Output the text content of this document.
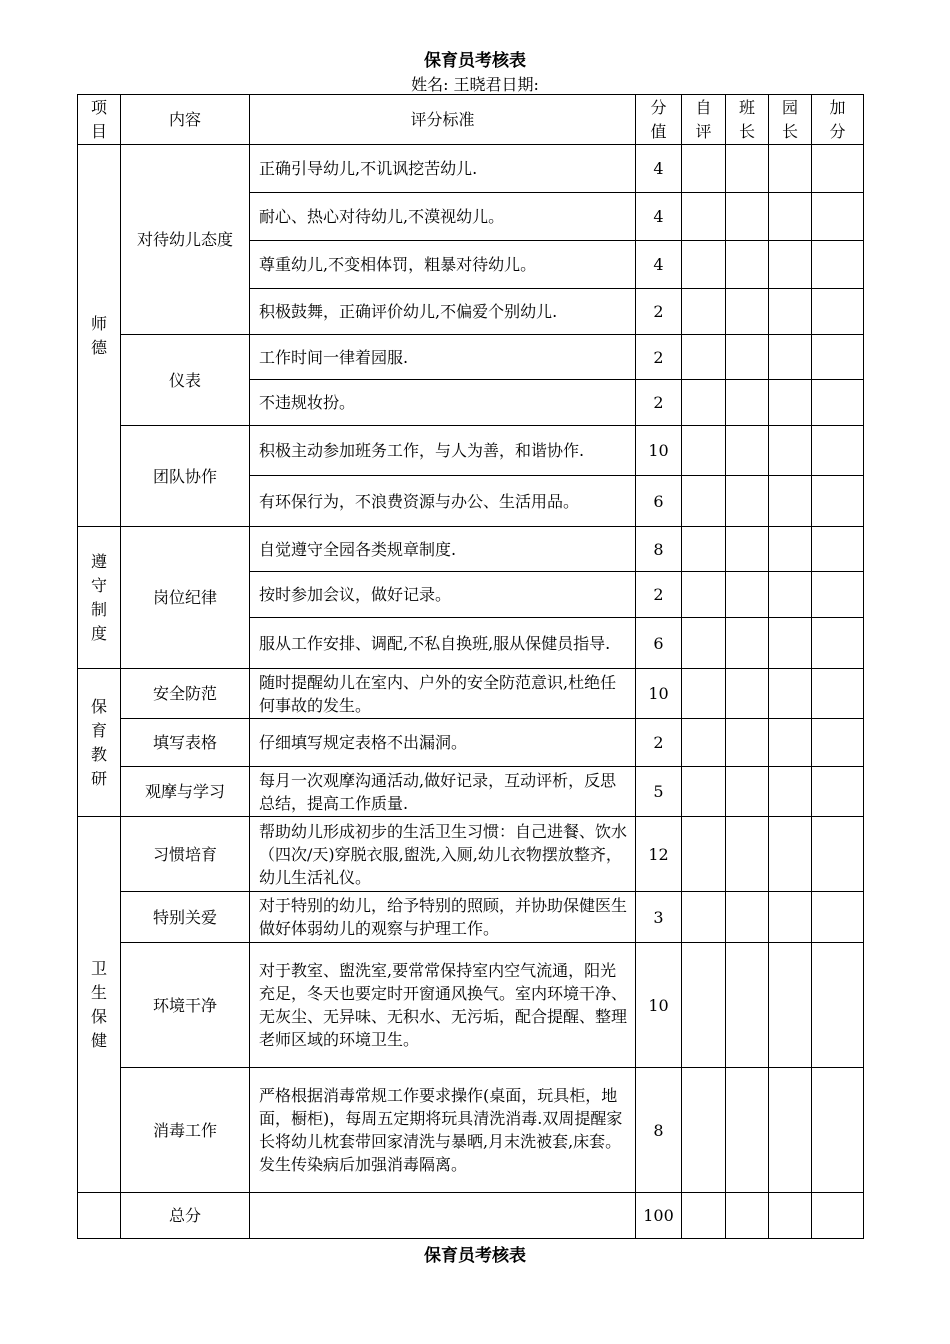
保育员考核表
姓名: 王晓君日期:
项目	内容	评分标准	分值	自评	班长	园长	加分
师德	对待幼儿态度	正确引导幼儿,不讥讽挖苦幼儿.	4				
		耐心、热心对待幼儿,不漠视幼儿。	4				
		尊重幼儿,不变相体罚，粗暴对待幼儿。	4				
		积极鼓舞，正确评价幼儿,不偏爱个别幼儿.	2				
	仪表	工作时间一律着园服.	2				
		不违规妆扮。	2				
	团队协作	积极主动参加班务工作，与人为善，和谐协作.	10				
		有环保行为，不浪费资源与办公、生活用品。	6				
遵守制度	岗位纪律	自觉遵守全园各类规章制度.	8				
		按时参加会议，做好记录。	2				
		服从工作安排、调配,不私自换班,服从保健员指导.	6				
保育教研	安全防范	随时提醒幼儿在室内、户外的安全防范意识,杜绝任何事故的发生。	10				
	填写表格	仔细填写规定表格不出漏洞。	2				
	观摩与学习	每月一次观摩沟通活动,做好记录，互动评析，反思总结，提高工作质量.	5				
卫生保健	习惯培育	帮助幼儿形成初步的生活卫生习惯：自己进餐、饮水（四次/天)穿脱衣服,盥洗,入厕,幼儿衣物摆放整齐，幼儿生活礼仪。	12				
	特别关爱	对于特别的幼儿，给予特别的照顾，并协助保健医生做好体弱幼儿的观察与护理工作。	3				
	环境干净	对于教室、盥洗室,要常常保持室内空气流通，阳光充足，冬天也要定时开窗通风换气。室内环境干净、无灰尘、无异味、无积水、无污垢，配合提醒、整理老师区域的环境卫生。	10				
	消毒工作	严格根据消毒常规工作要求操作(桌面，玩具柜，地面，橱柜)，每周五定期将玩具清洗消毒.双周提醒家长将幼儿枕套带回家清洗与暴晒,月末洗被套,床套。发生传染病后加强消毒隔离。	8				
	总分		100				
保育员考核表
